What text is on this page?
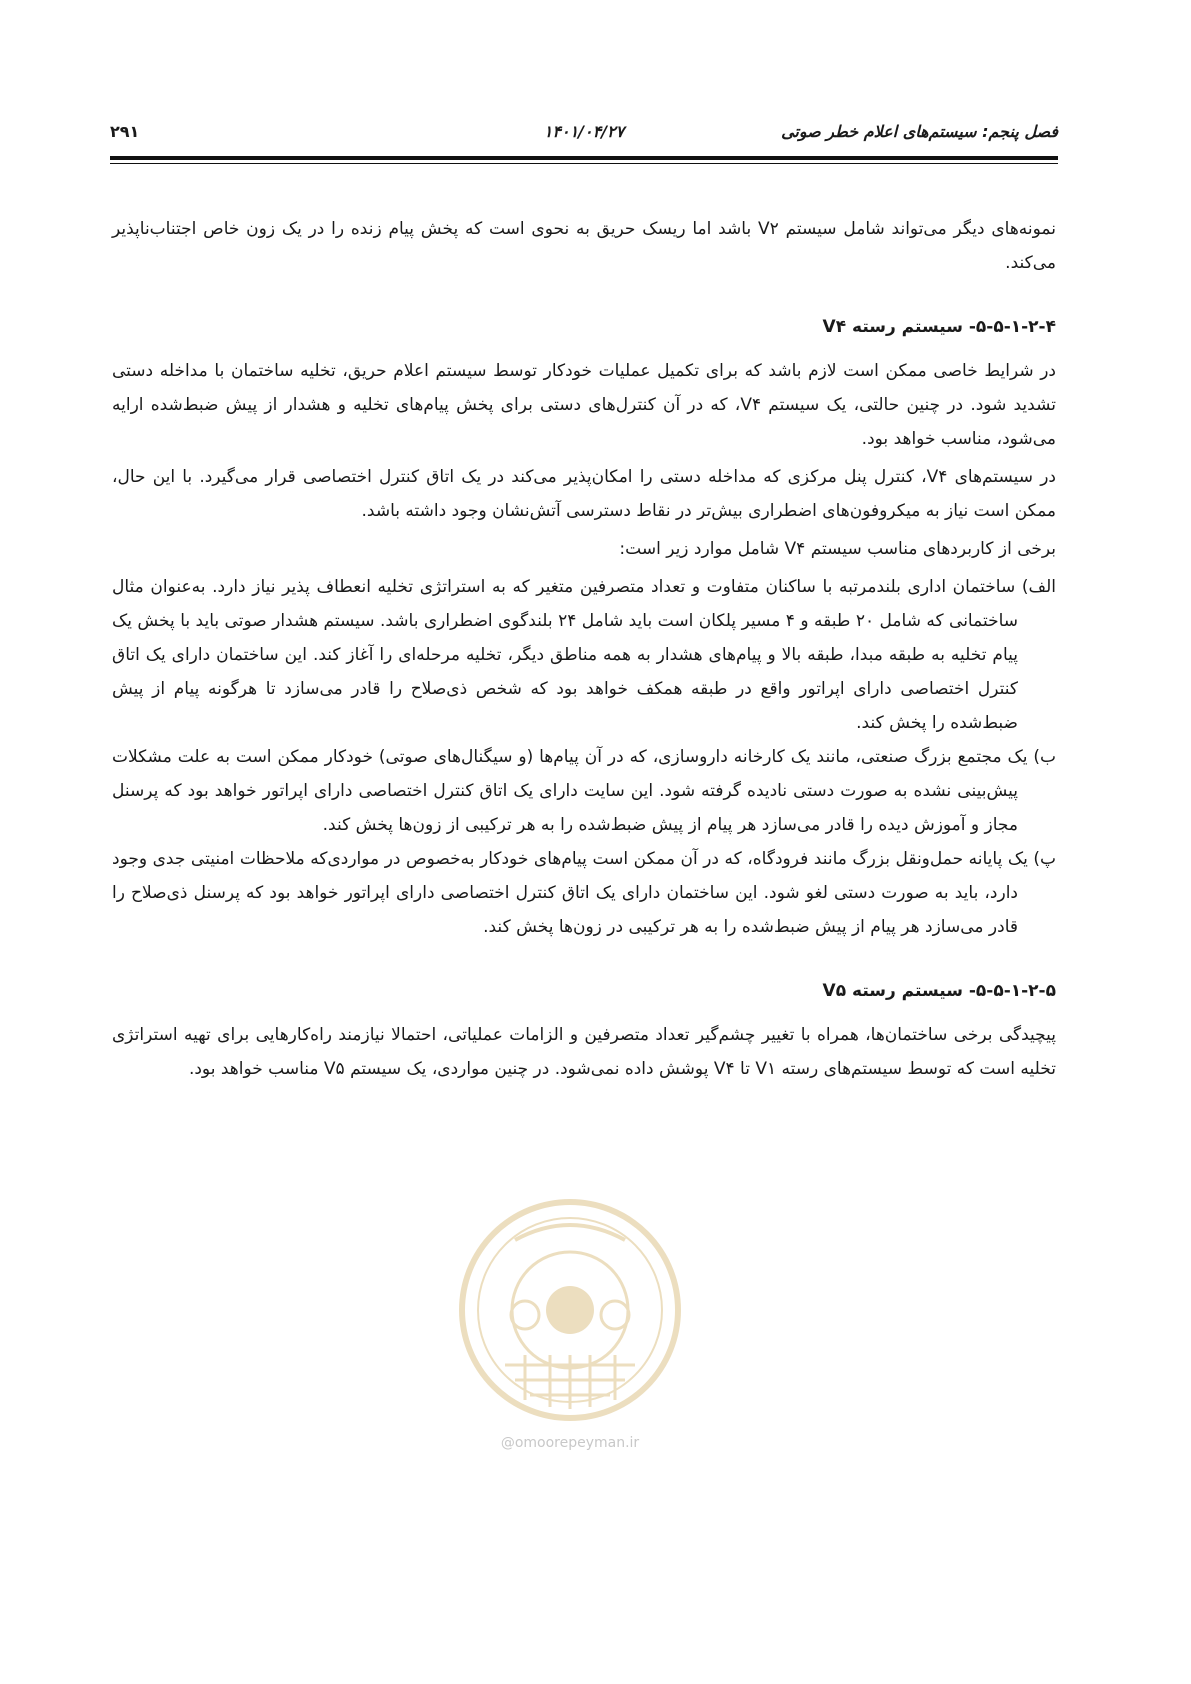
فصل پنجم: سیستم‌های اعلام خطر صوتی
۱۴۰۱/۰۴/۲۷
۲۹۱
@omoorepeyman.ir

نمونه‌های دیگر می‌تواند شامل سیستم V۲ باشد اما ریسک حریق به نحوی است که پخش پیام زنده را در یک زون خاص اجتناب‌ناپذیر می‌کند.

۵-۵-۱-۲-۴- سیستم رسته V۴

در شرایط خاصی ممکن است لازم باشد که برای تکمیل عملیات خودکار توسط سیستم اعلام حریق، تخلیه ساختمان با مداخله دستی تشدید شود. در چنین حالتی، یک سیستم V۴، که در آن کنترل‌های دستی برای پخش پیام‌های تخلیه و هشدار از پیش ضبط‌شده ارایه می‌شود، مناسب خواهد بود.

در سیستم‌های V۴، کنترل پنل مرکزی که مداخله دستی را امکان‌پذیر می‌کند در یک اتاق کنترل اختصاصی قرار می‌گیرد. با این حال، ممکن است نیاز به میکروفون‌های اضطراری بیش‌تر در نقاط دسترسی آتش‌نشان وجود داشته باشد.

برخی از کاربردهای مناسب سیستم V۴ شامل موارد زیر است:

الف) ساختمان اداری بلندمرتبه با ساکنان متفاوت و تعداد متصرفین متغیر که به استراتژی تخلیه انعطاف پذیر نیاز دارد. به‌عنوان مثال ساختمانی که شامل ۲۰ طبقه و ۴ مسیر پلکان است باید شامل ۲۴ بلندگوی اضطراری باشد. سیستم هشدار صوتی باید با پخش یک پیام تخلیه به طبقه مبدا، طبقه بالا و پیام‌های هشدار به همه مناطق دیگر، تخلیه مرحله‌ای را آغاز کند. این ساختمان دارای یک اتاق کنترل اختصاصی دارای اپراتور واقع در طبقه همکف خواهد بود که شخص ذی‌صلاح را قادر می‌سازد تا هرگونه پیام از پیش ضبط‌شده را پخش کند.

ب) یک مجتمع بزرگ صنعتی، مانند یک کارخانه داروسازی، که در آن پیام‌ها (و سیگنال‌های صوتی) خودکار ممکن است به علت مشکلات پیش‌بینی نشده به صورت دستی نادیده گرفته شود. این سایت دارای یک اتاق کنترل اختصاصی دارای اپراتور خواهد بود که پرسنل مجاز و آموزش دیده را قادر می‌سازد هر پیام از پیش ضبط‌شده را به هر ترکیبی از زون‌ها پخش کند.

پ) یک پایانه حمل‌ونقل بزرگ مانند فرودگاه، که در آن ممکن است پیام‌های خودکار به‌خصوص در مواردی‌که ملاحظات امنیتی جدی وجود دارد، باید به صورت دستی لغو شود. این ساختمان دارای یک اتاق کنترل اختصاصی دارای اپراتور خواهد بود که پرسنل ذی‌صلاح را قادر می‌سازد هر پیام از پیش ضبط‌شده را به هر ترکیبی در زون‌ها پخش کند.

۵-۵-۱-۲-۵- سیستم رسته V۵

پیچیدگی برخی ساختمان‌ها، همراه با تغییر چشم‌گیر تعداد متصرفین و الزامات عملیاتی، احتمالا نیازمند راه‌کارهایی برای تهیه استراتژی تخلیه است که توسط سیستم‌های رسته V۱ تا V۴ پوشش داده نمی‌شود. در چنین مواردی، یک سیستم V۵ مناسب خواهد بود.
